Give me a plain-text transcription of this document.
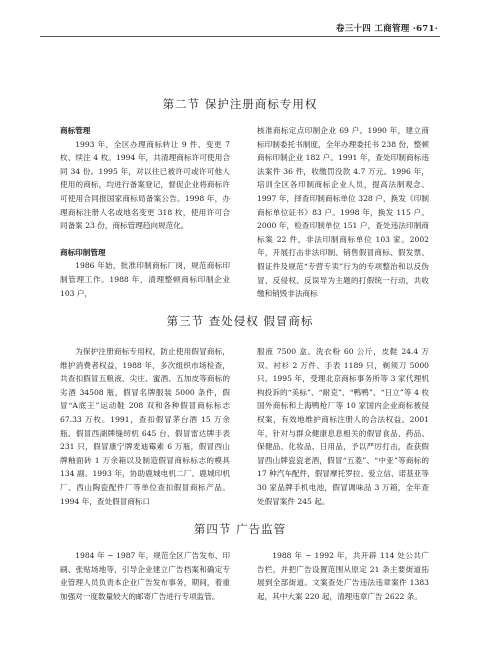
卷三十四 工商管理 ·671·
第二节 保护注册商标专用权

商标管理

1993 年，全区办理商标转让 9 件、变更 7 枚、续注 4 枚。1994 年，共清理商标许可使用合同 34 份。1995 年，对以往已被许可或许可他人使用的商标，均进行备案登记，督促企业将商标许可使用合同报国家商标局备案公告。1998 年，办理商标注册人名或地名变更 318 枚，使用许可合同备案 23 份，商标管理趋向规范化。

商标印制管理

1986 年始，批准印制商标厂岗，规范商标印制管理工作。1988 年，清理整顿商标印制企业 103 户，

核准商标定点印制企业 69 户。1990 年，建立商标印制委托书制度，全年办理委托书 238 份，整顿商标印制企业 182 户。1991 年，查处印制商标违法案件 36 件，收缴罚没款 4.7 万元。1996 年，培训全区各印制商标企业人员，提高法制观念。1997 年，择查印制商标单位 328 户，换发《印制商标单位证书》83 户。1998 年，换发 115 户。2000 年，检查印制单位 151 户，查处违法印制商标案 22 件，非法印制商标单位 103 家。2002 年，开展打击非法印制、销售假冒商标、假发票、假证件及规范“专营专卖”行为的专项整治和以反伪冒、反侵权、反误导为主题的打假统一行动，共收缴和销毁非法商标

第三节 查处侵权 假冒商标

为保护注册商标专用权，防止使用假冒商标，维护消费者权益，1988 年，多次组织市场检查，共查扣假冒五粮液、尖庄、蜜酒、五加皮等商标的劣酒 34508 瓶，假冒名牌服装 5000 条件，假冒“A底王”运动鞋 208 双和各种假冒商标标志 67.33 万枚。1991，查扣假冒茅台酒 15 万余瓶、假冒西湖牌缝纫机 645 台、假冒雷达牌手表 231 只，假冒康宁牌麦迪霉素 6 万瓶，假冒西山牌釉面砖 1 万余箱以及制造假冒商标标志的模具 134 副。1993 年，协助鹿城电机二厂、鹿城印机厂、西山陶瓷配件厂等单位查扣假冒商标产品。1994 年，查处假冒商标口

服液 7500 盒、洗衣粉 60 公斤，皮鞋 24.4 万双、衬衫 2 万件、手表 1189 只，剃须刀 5000 只。1995 年，受理北京商标事务所等 3 家代理机构投诉的“美标”、“耐克”、“鸭鸭”、“日立”等 4 枚国外商标和上海鸭枪厂等 10 家国内企业商标被侵权案，有效地维护商标注册人的合法权益。2001 年，针对与群众健康息息相关的假冒食品、药品、保健品、化妆品、日用品，予以严厉打击，查获假冒西山牌瓷瓷老酒，假冒“五菱”、“中亚”等商标的 17 种汽车配件，假冒摩托罗拉、爱立信、诺基亚等 30 家品牌手机电池，假冒调味品 3 万箱，全年查处假冒案件 245 起。

第四节 广告监管

1984 年 ~ 1987 年，规范全区广告发布、印刷、张贴场地等，引导企业建立广告档案和确定专业管理人员负责本企业广告发布事务，期间，着重加强对一度数量较大的邮寄广告进行专项监管。

1988 年 ~ 1992 年，共开辟 114 处公共广告栏，并把广告设置范围从原定 21 条主要街道拓展到全部街道。文案查处广告违法违章案件 1383 起，其中大案 220 起，清理违章广告 2622 条。
